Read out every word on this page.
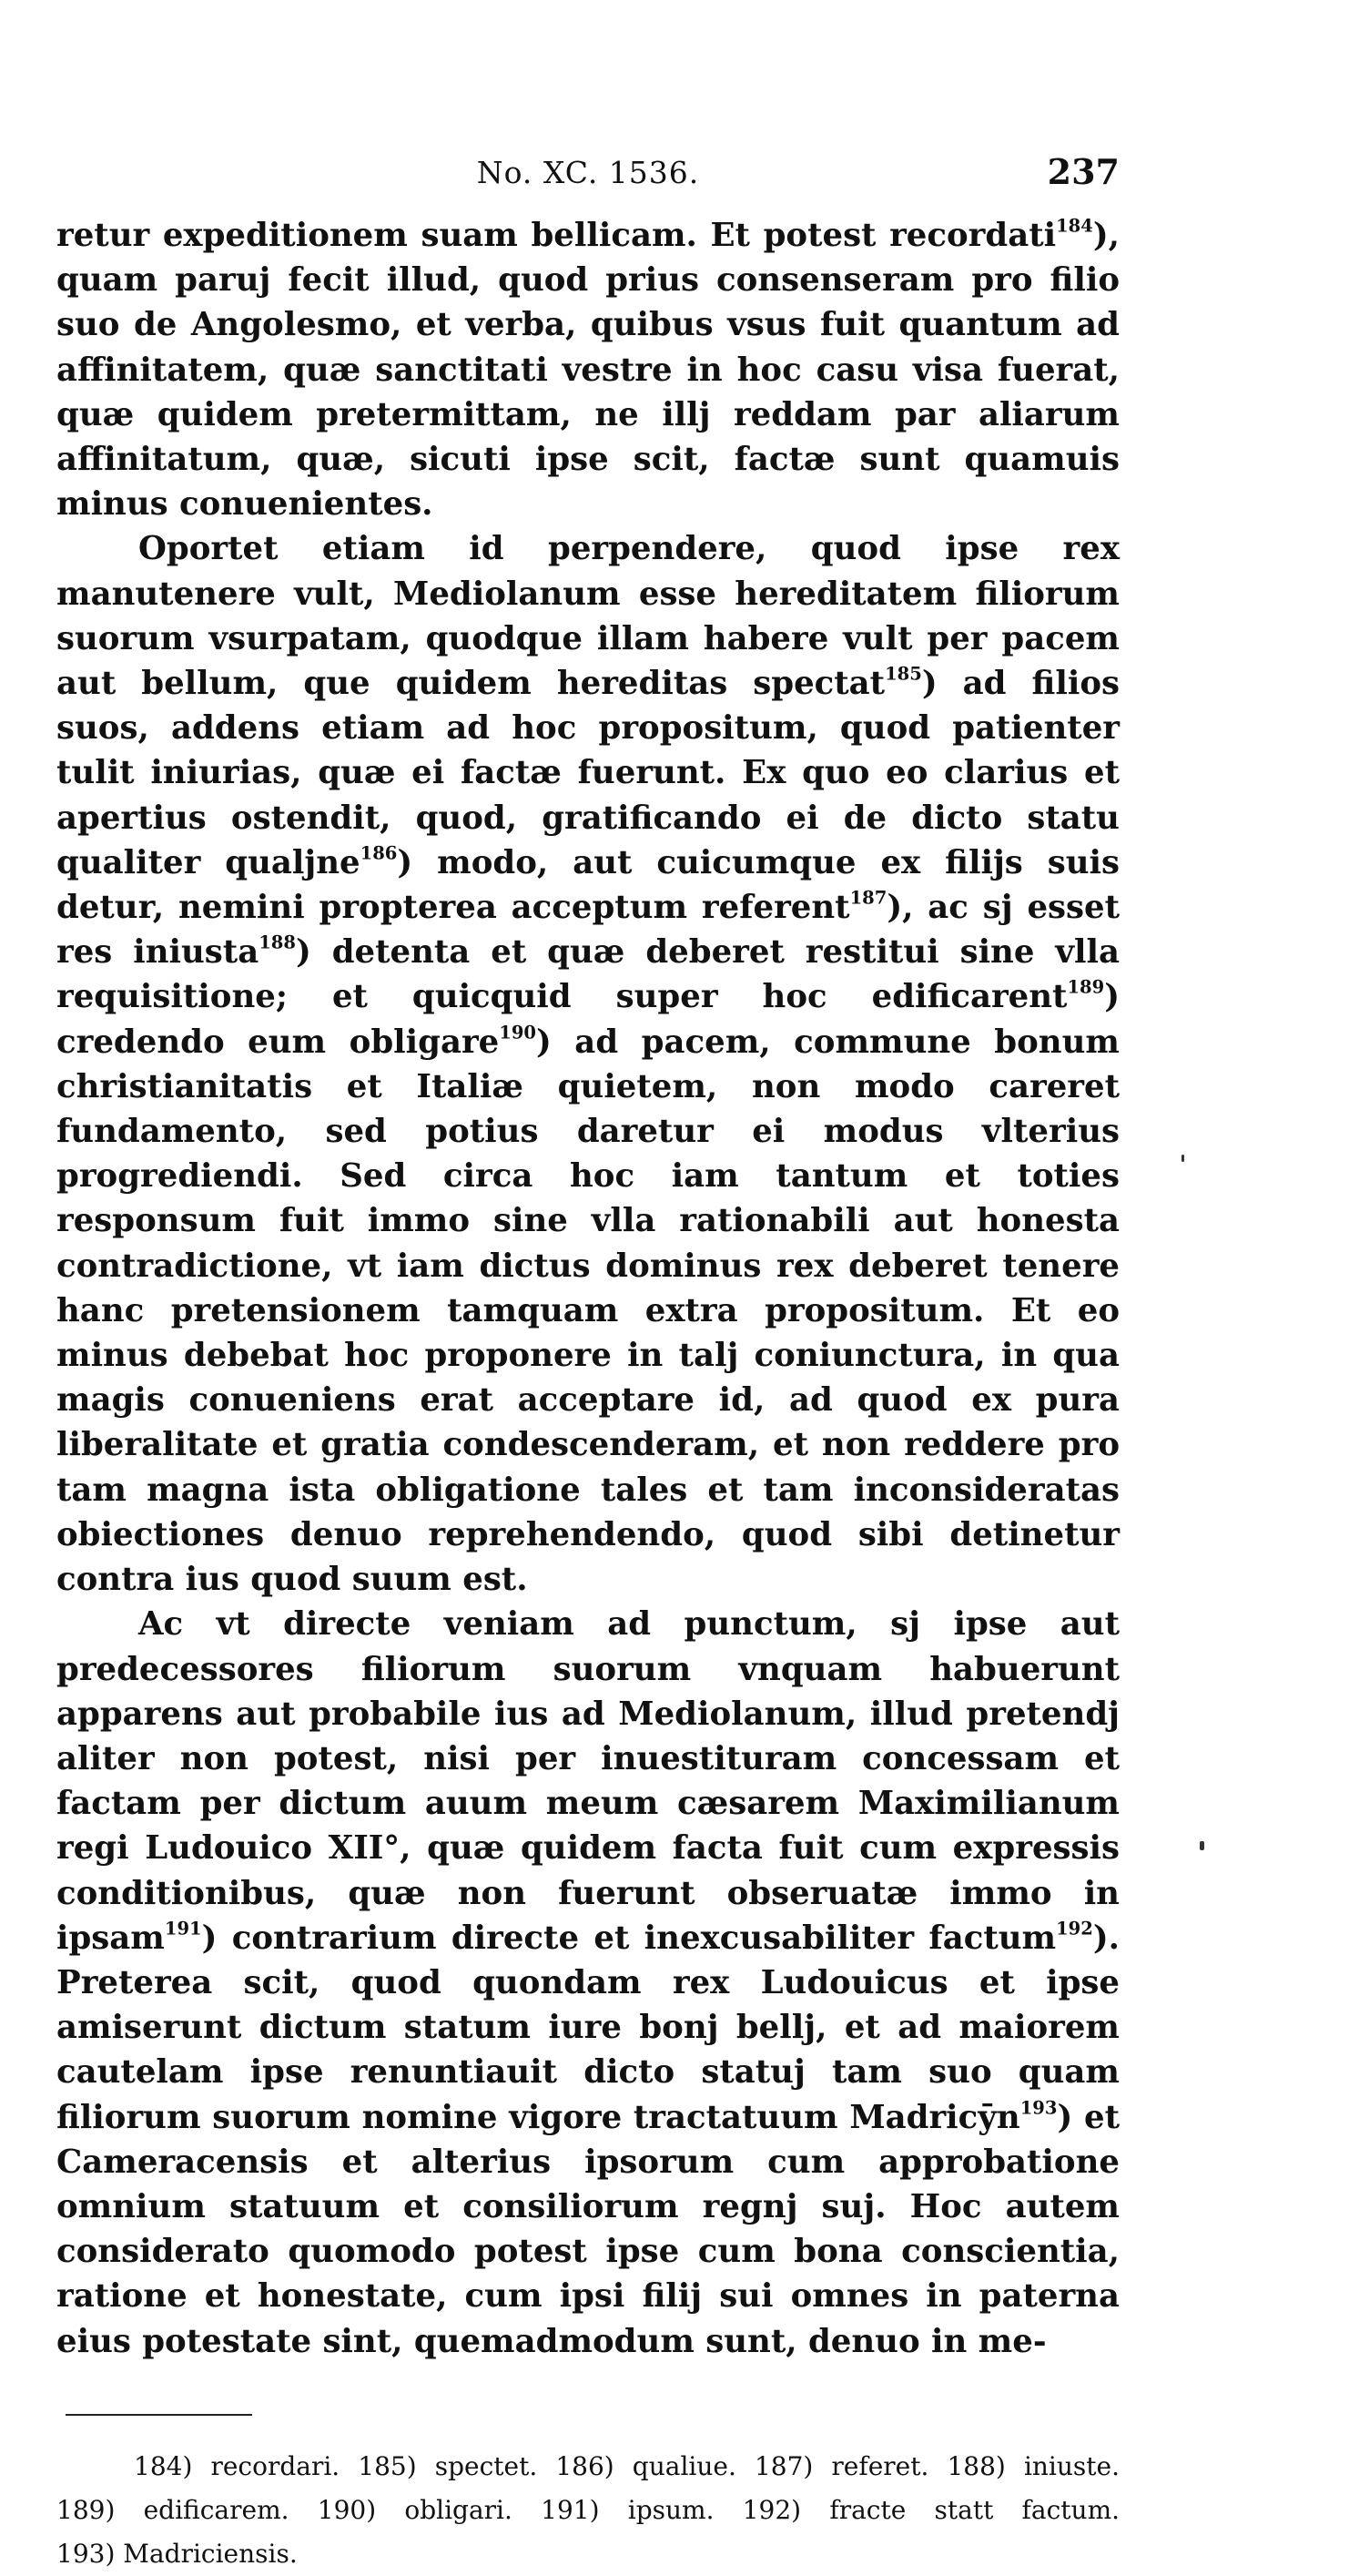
No. XC. 1536.	237

retur expeditionem suam bellicam. Et potest recordati$^{184}$), quam paruj fecit illud, quod prius consenseram pro filio suo de Angolesmo, et verba, quibus vsus fuit quantum ad affinitatem, quæ sanctitati vestre in hoc casu visa fuerat, quæ quidem pretermittam, ne illj reddam par aliarum affinitatum, quæ, sicuti ipse scit, factæ sunt quamuis minus conuenientes.

Oportet etiam id perpendere, quod ipse rex manutenere vult, Mediolanum esse hereditatem filiorum suorum vsurpatam, quodque illam habere vult per pacem aut bellum, que quidem hereditas spectat$^{185}$) ad filios suos, addens etiam ad hoc propositum, quod patienter tulit iniurias, quæ ei factæ fuerunt. Ex quo eo clarius et apertius ostendit, quod, gratificando ei de dicto statu qualiter qualjne$^{186}$) modo, aut cuicumque ex filijs suis detur, nemini propterea acceptum referent$^{187}$), ac sj esset res iniusta$^{188}$) detenta et quæ deberet restitui sine vlla requisitione; et quicquid super hoc edificarent$^{189}$) credendo eum obligare$^{190}$) ad pacem, commune bonum christianitatis et Italiæ quietem, non modo careret fundamento, sed potius daretur ei modus vlterius progrediendi. Sed circa hoc iam tantum et toties responsum fuit immo sine vlla rationabili aut honesta contradictione, vt iam dictus dominus rex deberet tenere hanc pretensionem tamquam extra propositum. Et eo minus debebat hoc proponere in talj coniunctura, in qua magis conueniens erat acceptare id, ad quod ex pura liberalitate et gratia condescenderam, et non reddere pro tam magna ista obligatione tales et tam inconsideratas obiectiones denuo reprehendendo, quod sibi detinetur contra ius quod suum est.

Ac vt directe veniam ad punctum, sj ipse aut predecessores filiorum suorum vnquam habuerunt apparens aut probabile ius ad Mediolanum, illud pretendj aliter non potest, nisi per inuestituram concessam et factam per dictum auum meum cæsarem Maximilianum regi Ludouico XII°, quæ quidem facta fuit cum expressis conditionibus, quæ non fuerunt obseruatæ immo in ipsam$^{191}$) contrarium directe et inexcusabiliter factum$^{192}$). Preterea scit, quod quondam rex Ludouicus et ipse amiserunt dictum statum iure bonj bellj, et ad maiorem cautelam ipse renuntiauit dicto statuj tam suo quam filiorum suorum nomine vigore tractatuum Madricȳn$^{193}$) et Cameracensis et alterius ipsorum cum approbatione omnium statuum et consiliorum regnj suj. Hoc autem considerato quomodo potest ipse cum bona conscientia, ratione et honestate, cum ipsi filij sui omnes in paterna eius potestate sint, quemadmodum sunt, denuo in me-

184) recordari. 185) spectet. 186) qualiue. 187) referet. 188) iniuste. 189) edificarem. 190) obligari. 191) ipsum. 192) fracte statt factum. 193) Madriciensis.
